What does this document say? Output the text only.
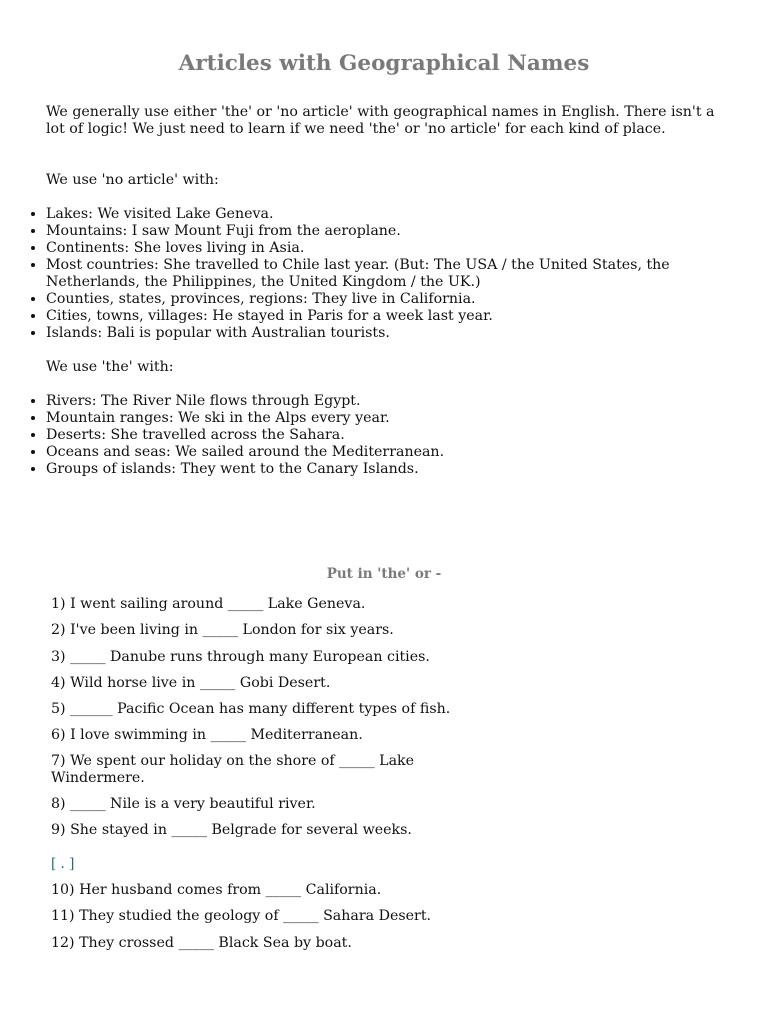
Articles with Geographical Names

We generally use either 'the' or 'no article' with geographical names in English. There isn't a lot of logic! We just need to learn if we need 'the' or 'no article' for each kind of place.

We use 'no article' with:

• Lakes: We visited Lake Geneva.
• Mountains: I saw Mount Fuji from the aeroplane.
• Continents: She loves living in Asia.
• Most countries: She travelled to Chile last year. (But: The USA / the United States, the Netherlands, the Philippines, the United Kingdom / the UK.)
• Counties, states, provinces, regions: They live in California.
• Cities, towns, villages: He stayed in Paris for a week last year.
• Islands: Bali is popular with Australian tourists.

We use 'the' with:

• Rivers: The River Nile flows through Egypt.
• Mountain ranges: We ski in the Alps every year.
• Deserts: She travelled across the Sahara.
• Oceans and seas: We sailed around the Mediterranean.
• Groups of islands: They went to the Canary Islands.

Put in 'the' or -

1) I went sailing around _____ Lake Geneva.

2) I've been living in _____ London for six years.

3) _____ Danube runs through many European cities.

4) Wild horse live in _____ Gobi Desert.

5) ______ Pacific Ocean has many different types of fish.

6) I love swimming in _____ Mediterranean.

7) We spent our holiday on the shore of _____ Lake Windermere.

8) _____ Nile is a very beautiful river.

9) She stayed in _____ Belgrade for several weeks.

[ . ]

10) Her husband comes from _____ California.

11) They studied the geology of _____ Sahara Desert.

12) They crossed _____ Black Sea by boat.
